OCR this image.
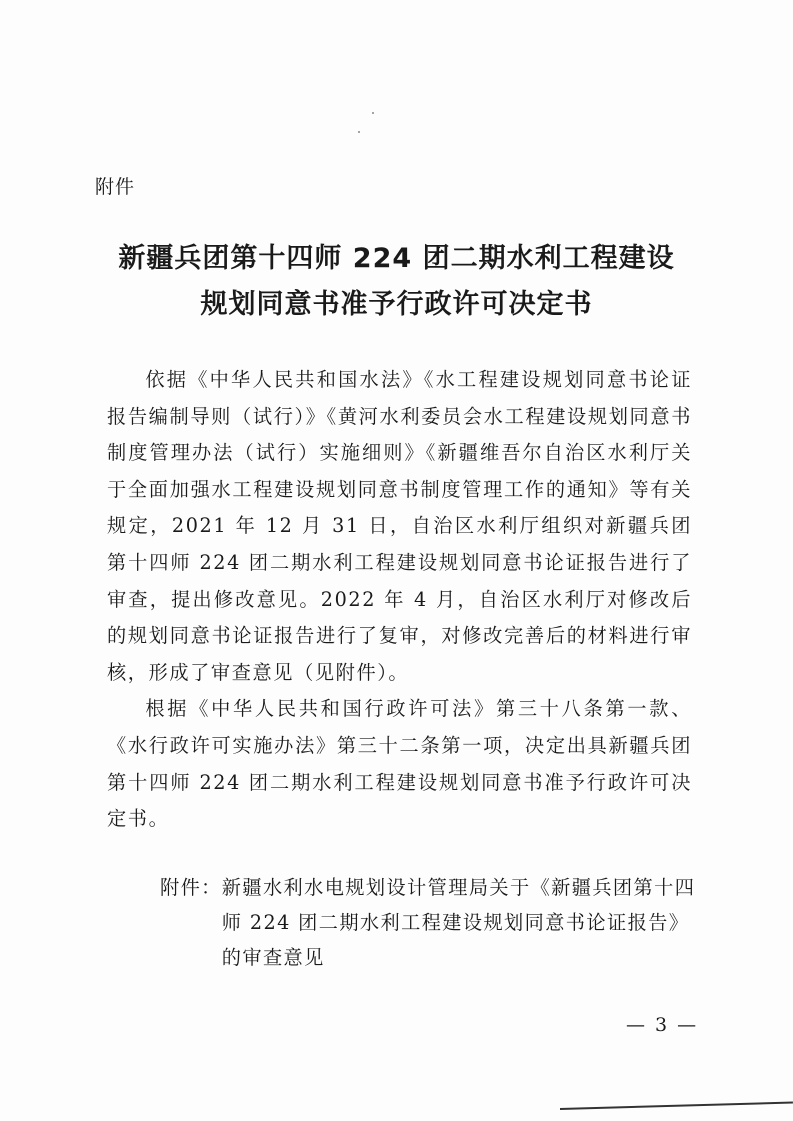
附件
新疆兵团第十四师 224 团二期水利工程建设
规划同意书准予行政许可决定书

依据《中华人民共和国水法》《水工程建设规划同意书论证报告编制导则（试行）》《黄河水利委员会水工程建设规划同意书制度管理办法（试行）实施细则》《新疆维吾尔自治区水利厅关于全面加强水工程建设规划同意书制度管理工作的通知》等有关规定，2021 年 12 月 31 日，自治区水利厅组织对新疆兵团第十四师 224 团二期水利工程建设规划同意书论证报告进行了审查，提出修改意见。2022 年 4 月，自治区水利厅对修改后的规划同意书论证报告进行了复审，对修改完善后的材料进行审核，形成了审查意见（见附件）。

根据《中华人民共和国行政许可法》第三十八条第一款、《水行政许可实施办法》第三十二条第一项，决定出具新疆兵团第十四师 224 团二期水利工程建设规划同意书准予行政许可决定书。

附件： 新疆水利水电规划设计管理局关于《新疆兵团第十四师 224 团二期水利工程建设规划同意书论证报告》的审查意见
— 3 —
